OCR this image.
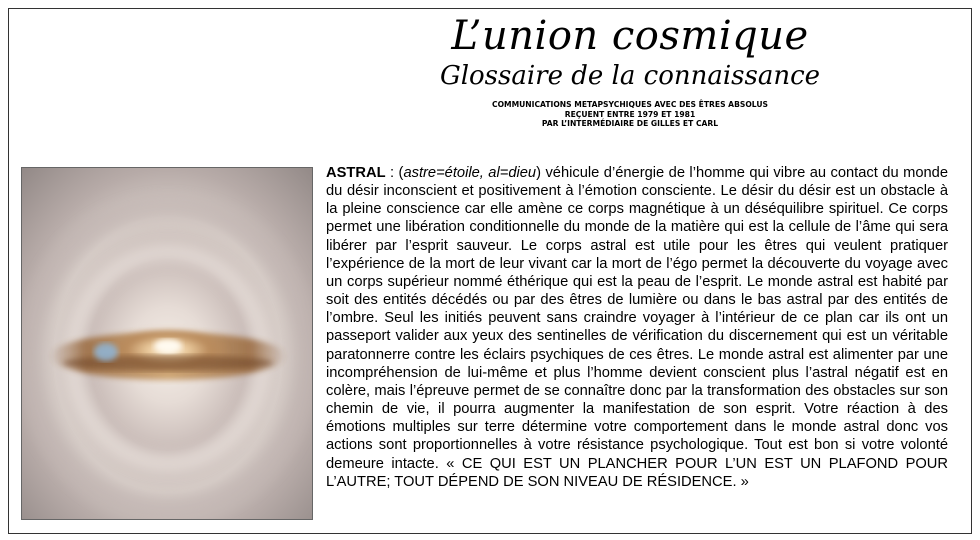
L’union cosmique
Glossaire de la connaissance
COMMUNICATIONS METAPSYCHIQUES AVEC DES ÊTRES ABSOLUS
REÇUENT ENTRE 1979 ET 1981
PAR L’INTERMÉDIAIRE DE GILLES ET CARL
ASTRAL : (astre=étoile, al=dieu) véhicule d’énergie de l’homme qui vibre au contact du monde du désir inconscient et positivement à l’émotion consciente. Le désir du désir est un obstacle à la pleine conscience car elle amène ce corps magnétique à un déséquilibre spirituel. Ce corps permet une libération conditionnelle du monde de la matière qui est la cellule de l’âme qui sera libérer par l’esprit sauveur. Le corps astral est utile pour les êtres qui veulent pratiquer l’expérience de la mort de leur vivant car la mort de l’égo permet la découverte du voyage avec un corps supérieur nommé éthérique qui est la peau de l’esprit. Le monde astral est habité par soit des entités décédés ou par des êtres de lumière ou dans le bas astral par des entités de l’ombre. Seul les initiés peuvent sans craindre voyager à l’intérieur de ce plan car ils ont un passeport valider aux yeux des sentinelles de vérification du discernement qui est un véritable paratonnerre contre les éclairs psychiques de ces êtres. Le monde astral est alimenter par une incompréhension de lui-même et plus l’homme devient conscient plus l’astral négatif est en colère, mais l’épreuve permet de se connaître donc par la transformation des obstacles sur son chemin de vie, il pourra augmenter la manifestation de son esprit. Votre réaction à des émotions multiples sur terre détermine votre comportement dans le monde astral donc vos actions sont proportionnelles à votre résistance psychologique. Tout est bon si votre volonté demeure intacte. « CE QUI EST UN PLANCHER POUR L’UN EST UN PLAFOND POUR L’AUTRE; TOUT DÉPEND DE SON NIVEAU DE RÉSIDENCE. »
